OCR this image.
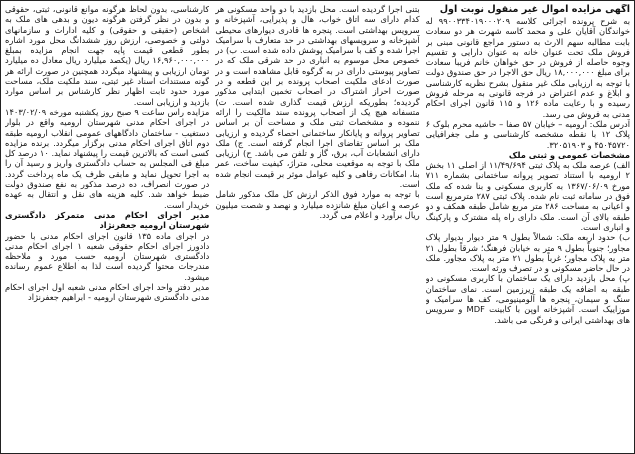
آگهی مزایده اموال غیر منقول نوبت اول

به شرح پرونده اجرائی کلاسه ۹۹۰۰۳۳۴۰۱۹۰۰۰۲۰۹ له خواندگان آقایان علی و محمد کاسه شهرت هر دو سعادت بابت مطالبه سهم الارث به دستور مراجع قانونی مبنی بر فروش ملک تحت عنوان خانه به عنوان دارایی و تقسیم وجوه حاصله از فروش در حق خواهان خانم فریبا سعادت برای مبلغ ۱۸,۰۰۰,۰۰۰ ریال حق الاجرا در حق صندوق دولت با توجه به ارزیابی ملک غیر منقول بشرح نظریه کارشناسی و ابلاغ و عدم اعتراض در فرجه قانونی به مرحله فروش رسیده و با رعایت ماده ۱۲۶ و ۱۱۵ قانون اجرای احکام مدنی به فروش می رسد.

آدرس ملک: ارومیه – خیابان ۵۷ صفا – حاشیه محرم بلوک ۶ پلاک ۱۲ با نقطه مشخصه کارشناسی و ملی جغرافیایی ۴۵۰۴۵۷۲۰ و ۳۲۰۵۱۹۰۳.

مشخصات عمومی و ثبتی ملک

الف) عرصه ملک به پلاک ثبتی ۱۱/۴۹/۶۹۴ از اصلی ۱۱ بخش ۲ ارومیه با استناد تصویر پروانه ساختمانی بشماره ۷۱۱ مورخ ۱۳۶۷/۰۶/۰۹ به کاربری مسکونی و بنا شده که ملک فوق در سامانه ثبت نام شده. پلاک ثبتی ۲۸۷ مترمربع است و اعیانی به مساحت ۲۸۶ متر مربع شامل طبقه همکف و دو طبقه بالای آن است. ملک دارای راه پله مشترک و پارکینگ و انباری است.

ب) حدود اربعه ملک: شمالاً بطول ۹ متر دیوار بدیوار پلاک مجاور؛ جنوباً بطول ۹ متر به خیابان فرهنگ؛ شرقاً بطول ۲۱ متر به پلاک مجاور؛ غرباً بطول ۲۱ متر به پلاک مجاور. ملک در حال حاضر مسکونی و در تصرف ورثه است.

پ) محل بازدید دارای یک ساختمان با کاربری مسکونی دو طبقه به اضافه یک طبقه زیرزمین است. نمای ساختمان سنگ و سیمان، پنجره ها آلومینیومی، کف ها سرامیک و موزاییک است. آشپزخانه اوپن با کابینت MDF و سرویس های بهداشتی ایرانی و فرنگی می باشد.

بتنی اجرا گردیده است. محل بازدید با دو واحد مسکونی هر کدام دارای سه اتاق خواب، هال و پذیرایی، آشپزخانه و سرویس بهداشتی است. پنجره ها قادری دیوارهای محیطی آشپزخانه و سرویسهای بهداشتی در حد متعارف با سرامیک اجرا شده و کف با سرامیک پوشش داده شده است. ب) در خصوص محل موسوم به انباری در حد شرقی ملک که در تصاویر پیوستی دارای در به گرگوه قابل مشاهده است و در صورت ادعای ملکیت اصحاب پرونده بر این قطعه و در صورت احراز اشتراک در اصحاب تخمین ابتدایی مذکور گردیده؛ بطوریکه ارزش قیمت گذاری شده است. ت) متسفانه هیچ یک از اصحاب پرونده سند مالکیت را ارائه ننموده و مشخصات ثبتی ملک و مساحت آن بر اساس تصاویر پروانه و پایانکار ساختمانی احصاء گردیده و ارزیابی ملک بر اساس تقاضای اجرا انجام گرفته است. ج) ملک دارای انشعابات آب، برق، گاز و تلفن می باشد. ح) ارزیابی ملک با توجه به موقعیت محلی، متراژ، کیفیت ساخت، عمر بنا، امکانات رفاهی و کلیه عوامل موثر بر قیمت انجام شده است.

با توجه به موارد فوق الذکر ارزش کل ملک مذکور شامل عرصه و اعیان مبلغ شانزده میلیارد و نهصد و شصت میلیون ریال برآورد و اعلام می گردد.

کارشناسی، بدون لحاظ هرگونه موانع قانونی، ثبتی، حقوقی و بدون در نظر گرفتن هرگونه دیون و بدهی های ملک به اشخاص (حقیقی و حقوقی) و کلیه ادارات و سازمانهای دولتی و خصوصی، ارزش روز ششدانگ محل مورد اشاره بطور قطعی قیمت پایه جهت انجام مزایده بمبلغ ۱۶,۹۶۰,۰۰۰,۰۰۰ ریال (یکصد میلیارد ریال معادل ده میلیارد تومان ارزیابی و پیشنهاد میگردد همچنین در صورت ارائه هر گونه مستندات اسناد غیر ثبتی، سند ملکیت ملک، مساحت مورد حدود ثابت اظهار نظر کارشناس بر اساس موارد بازدید و ارزیابی است.

مزایده راس ساعت ۹ صبح روز یکشنبه مورخه ۱۴۰۳/۰۲/۰۹ در اجرای احکام مدنی شهرستان ارومیه واقع در بلوار دستغیب - ساختمان دادگاههای عمومی انقلاب ارومیه طبقه دوم اتاق اجرای احکام مدنی برگزار میگردد. برنده مزایده کسی است که بالاترین قیمت را پیشنهاد نماید. ۱۰ درصد کل مبلغ فی المجلس به حساب دادگستری واریز و رسید آن را به اجرا تحویل نماید و مابقی ظرف یک ماه پرداخت گردد. در صورت انصراف، ده درصد مذکور به نفع صندوق دولت ضبط خواهد شد. کلیه هزینه های نقل و انتقال به عهده خریدار است.

مدیر اجرای احکام مدنی متمرکز دادگستری شهرستان ارومیه جعفرنژاد

در اجرای ماده ۱۳۵ قانون اجرای احکام مدنی با حضور دادورز اجرای احکام حقوقی شعبه ۱ اجرای احکام مدنی دادگستری شهرستان ارومیه حسب مورد و ملاحظه مندرجات محتوا گردیده است لذا به اطلاع عموم رسانده میشود.

مدیر دفتر واحد اجرای احکام مدنی شعبه اول اجرای احکام مدنی دادگستری شهرستان ارومیه - ابراهیم جعفرنژاد
